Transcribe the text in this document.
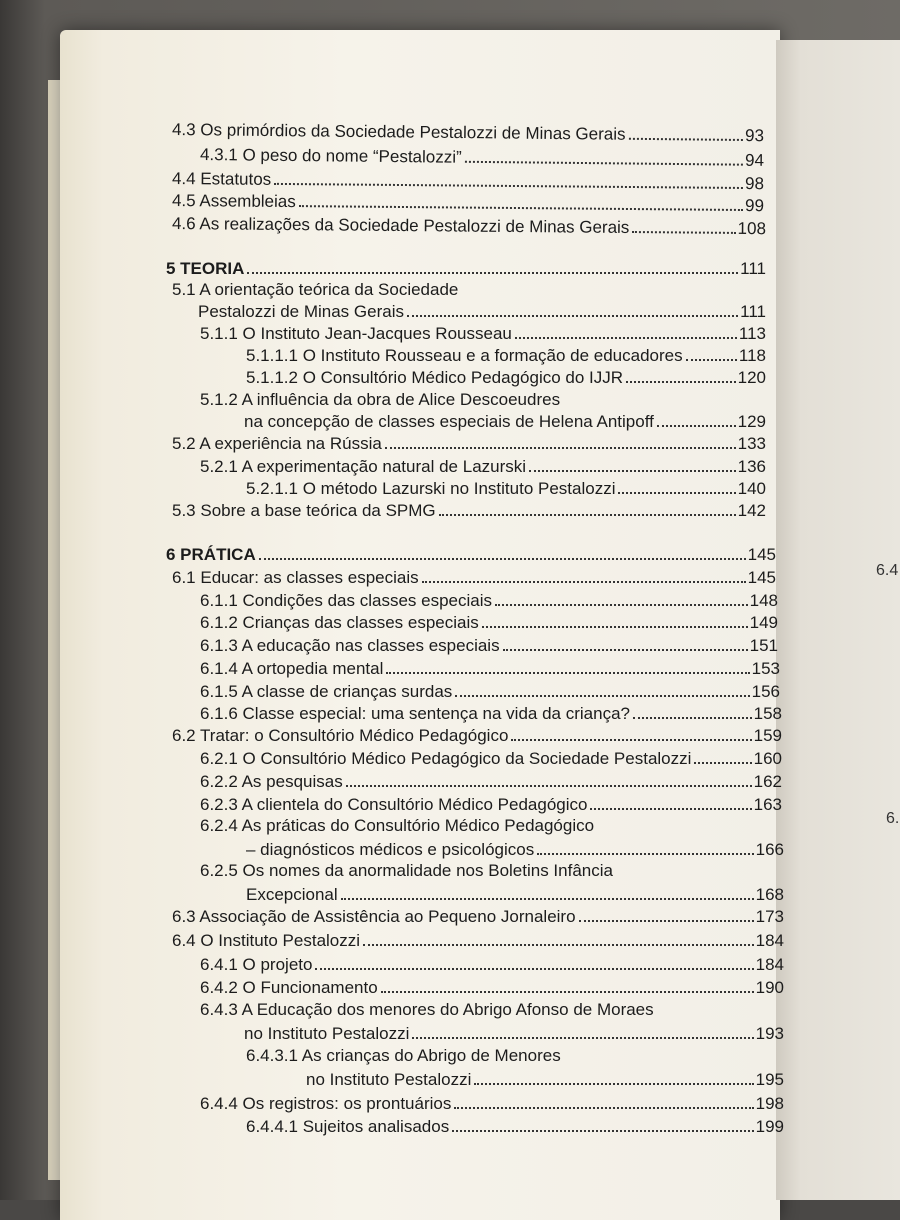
6.4
6.
4.3 Os primórdios da Sociedade Pestalozzi de Minas Gerais	93
4.3.1 O peso do nome “Pestalozzi”	94
4.4 Estatutos	98
4.5 Assembleias	99
4.6 As realizações da Sociedade Pestalozzi de Minas Gerais	108
5 TEORIA	111
5.1 A orientação teórica da Sociedade
Pestalozzi de Minas Gerais	111
5.1.1 O Instituto Jean-Jacques Rousseau	113
5.1.1.1 O Instituto Rousseau e a formação de educadores	118
5.1.1.2 O Consultório Médico Pedagógico do IJJR	120
5.1.2 A influência da obra de Alice Descoeudres
na concepção de classes especiais de Helena Antipoff	129
5.2 A experiência na Rússia	133
5.2.1 A experimentação natural de Lazurski	136
5.2.1.1 O método Lazurski no Instituto Pestalozzi	140
5.3 Sobre a base teórica da SPMG	142
6 PRÁTICA	145
6.1 Educar: as classes especiais	145
6.1.1 Condições das classes especiais	148
6.1.2 Crianças das classes especiais	149
6.1.3 A educação nas classes especiais	151
6.1.4 A ortopedia mental	153
6.1.5 A classe de crianças surdas	156
6.1.6 Classe especial: uma sentença na vida da criança?	158
6.2 Tratar: o Consultório Médico Pedagógico	159
6.2.1 O Consultório Médico Pedagógico da Sociedade Pestalozzi	160
6.2.2 As pesquisas	162
6.2.3 A clientela do Consultório Médico Pedagógico	163
6.2.4 As práticas do Consultório Médico Pedagógico
– diagnósticos médicos e psicológicos	166
6.2.5 Os nomes da anormalidade nos Boletins Infância
Excepcional	168
6.3 Associação de Assistência ao Pequeno Jornaleiro	173
6.4 O Instituto Pestalozzi	184
6.4.1 O projeto	184
6.4.2 O Funcionamento	190
6.4.3 A Educação dos menores do Abrigo Afonso de Moraes
no Instituto Pestalozzi	193
6.4.3.1 As crianças do Abrigo de Menores
no Instituto Pestalozzi	195
6.4.4 Os registros: os prontuários	198
6.4.4.1 Sujeitos analisados	199
